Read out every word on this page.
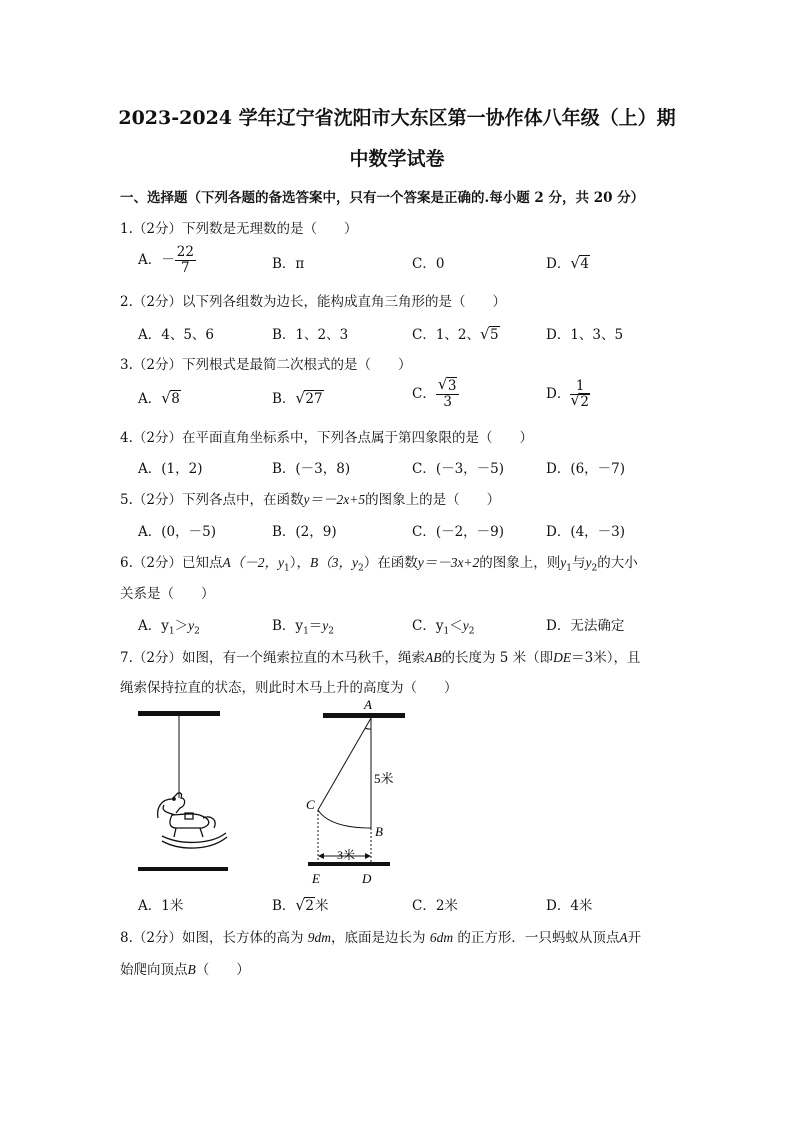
2023-2024 学年辽宁省沈阳市大东区第一协作体八年级（上）期
中数学试卷
一、选择题（下列各题的备选答案中，只有一个答案是正确的.每小题 2 分，共 20 分）
1.（2分）下列数是无理数的是（　　）
A．－ $\frac{22}{7}$	B．π	C．0	D． √ 4
2.（2分）以下列各组数为边长，能构成直角三角形的是（　　）
A．4、5、6	B．1、2、3	C．1、2、 √ 5	D．1、3、5
3.（2分）下列根式是最简二次根式的是（　　）
A． √ 8	B． √ 27	C． $\frac{√ 3}{3}$	D． $\frac{1}{√ 2}$
4.（2分）在平面直角坐标系中，下列各点属于第四象限的是（　　）
A．(1，2)	B．(－3，8)	C．(－3，－5)	D．(6，－7)
5.（2分）下列各点中，在函数y＝－2x+5的图象上的是（　　）
A．(0，－5)	B．(2，9)	C．(－2，－9)	D．(4，－3)
6.（2分）已知点A（－2，$y_1$），B（3，$y_2$）在函数y＝－3x+2的图象上，则$y_1$与$y_2$的大小
关系是（　　）
A．$y_1>y_2$	B．$y_1=y_2$	C．$y_1<y_2$	D．无法确定
7.（2分）如图，有一个绳索拉直的木马秋千，绳索AB的长度为 5 米（即DE＝3米），且
绳索保持拉直的状态，则此时木马上升的高度为（　　）
A
B
C
D
E
5米
3米
A．1米	B． √ 2米	C．2米	D．4米
8.（2分）如图，长方体的高为 9dm，底面是边长为 6dm 的正方形．一只蚂蚁从顶点A开
始爬向顶点B（　　）
